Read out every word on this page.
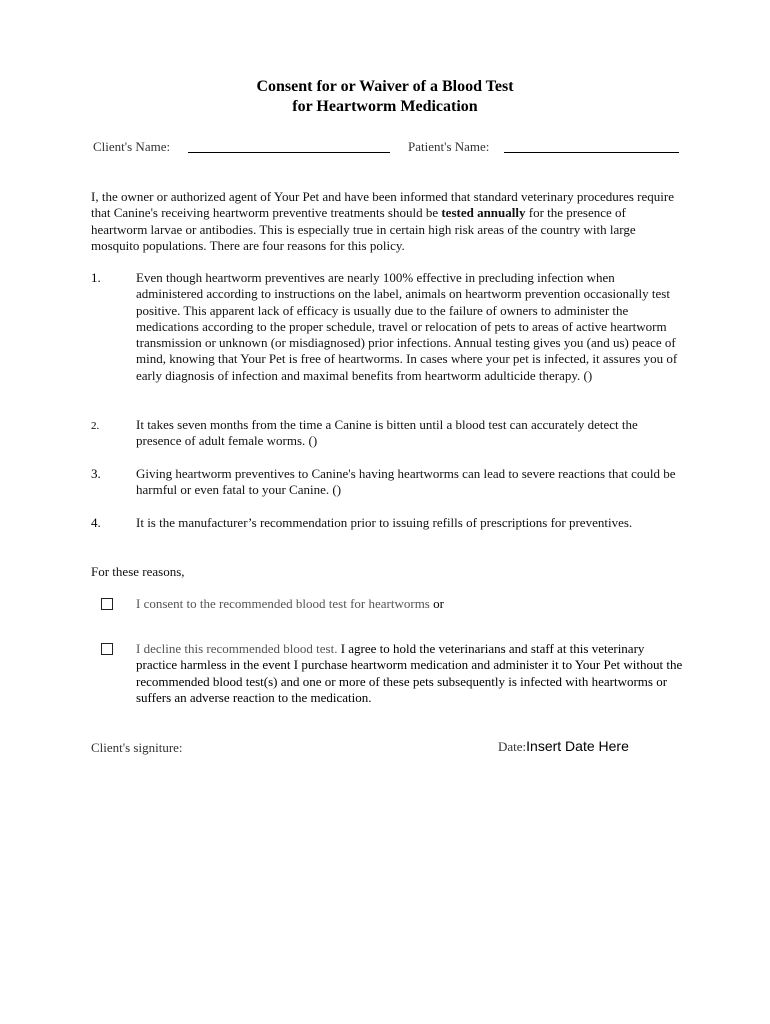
Consent for or Waiver of a Blood Test
for Heartworm Medication
Client's Name:	Patient's Name:
I, the owner or authorized agent of Your Pet and have been informed that standard veterinary procedures require that Canine's receiving heartworm preventive treatments should be tested annually for the presence of heartworm larvae or antibodies. This is especially true in certain high risk areas of the country with large mosquito populations. There are four reasons for this policy.
1.	Even though heartworm preventives are nearly 100% effective in precluding infection when administered according to instructions on the label, animals on heartworm prevention occasionally test positive. This apparent lack of efficacy is usually due to the failure of owners to administer the medications according to the proper schedule, travel or relocation of pets to areas of active heartworm transmission or unknown (or misdiagnosed) prior infections. Annual testing gives you (and us) peace of mind, knowing that Your Pet is free of heartworms. In cases where your pet is infected, it assures you of early diagnosis of infection and maximal benefits from heartworm adulticide therapy. ()
2.	It takes seven months from the time a Canine is bitten until a blood test can accurately detect the presence of adult female worms. ()
3.	Giving heartworm preventives to Canine's having heartworms can lead to severe reactions that could be harmful or even fatal to your Canine. ()
4.	It is the manufacturer’s recommendation prior to issuing refills of prescriptions for preventives.
For these reasons,
I consent to the recommended blood test for heartworms or
I decline this recommended blood test. I agree to hold the veterinarians and staff at this veterinary practice harmless in the event I purchase heartworm medication and administer it to Your Pet without the recommended blood test(s) and one or more of these pets subsequently is infected with heartworms or suffers an adverse reaction to the medication.
Client's signiture:	Date:Insert Date Here
